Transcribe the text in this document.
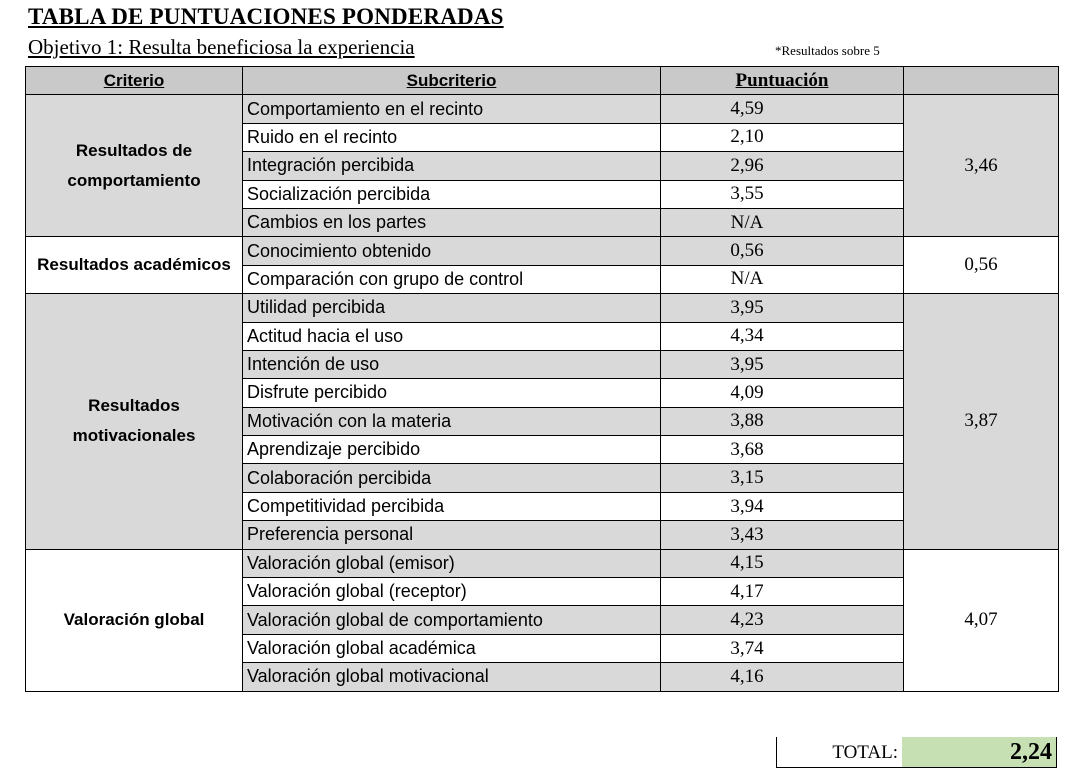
TABLA DE PUNTUACIONES PONDERADAS
Objetivo 1: Resulta beneficiosa la experiencia	*Resultados sobre 5
Criterio	Subcriterio	Puntuación	
Resultados de comportamiento	Comportamiento en el recinto	4,59	3,46
	Ruido en el recinto	2,10	
	Integración percibida	2,96	
	Socialización percibida	3,55	
	Cambios en los partes	N/A	
Resultados académicos	Conocimiento obtenido	0,56	0,56
	Comparación con grupo de control	N/A	
Resultados motivacionales	Utilidad percibida	3,95	3,87
	Actitud hacia el uso	4,34	
	Intención de uso	3,95	
	Disfrute percibido	4,09	
	Motivación con la materia	3,88	
	Aprendizaje percibido	3,68	
	Colaboración percibida	3,15	
	Competitividad percibida	3,94	
	Preferencia personal	3,43	
Valoración global	Valoración global (emisor)	4,15	4,07
	Valoración global (receptor)	4,17	
	Valoración global de comportamiento	4,23	
	Valoración global académica	3,74	
	Valoración global motivacional	4,16	
TOTAL:	2,24
